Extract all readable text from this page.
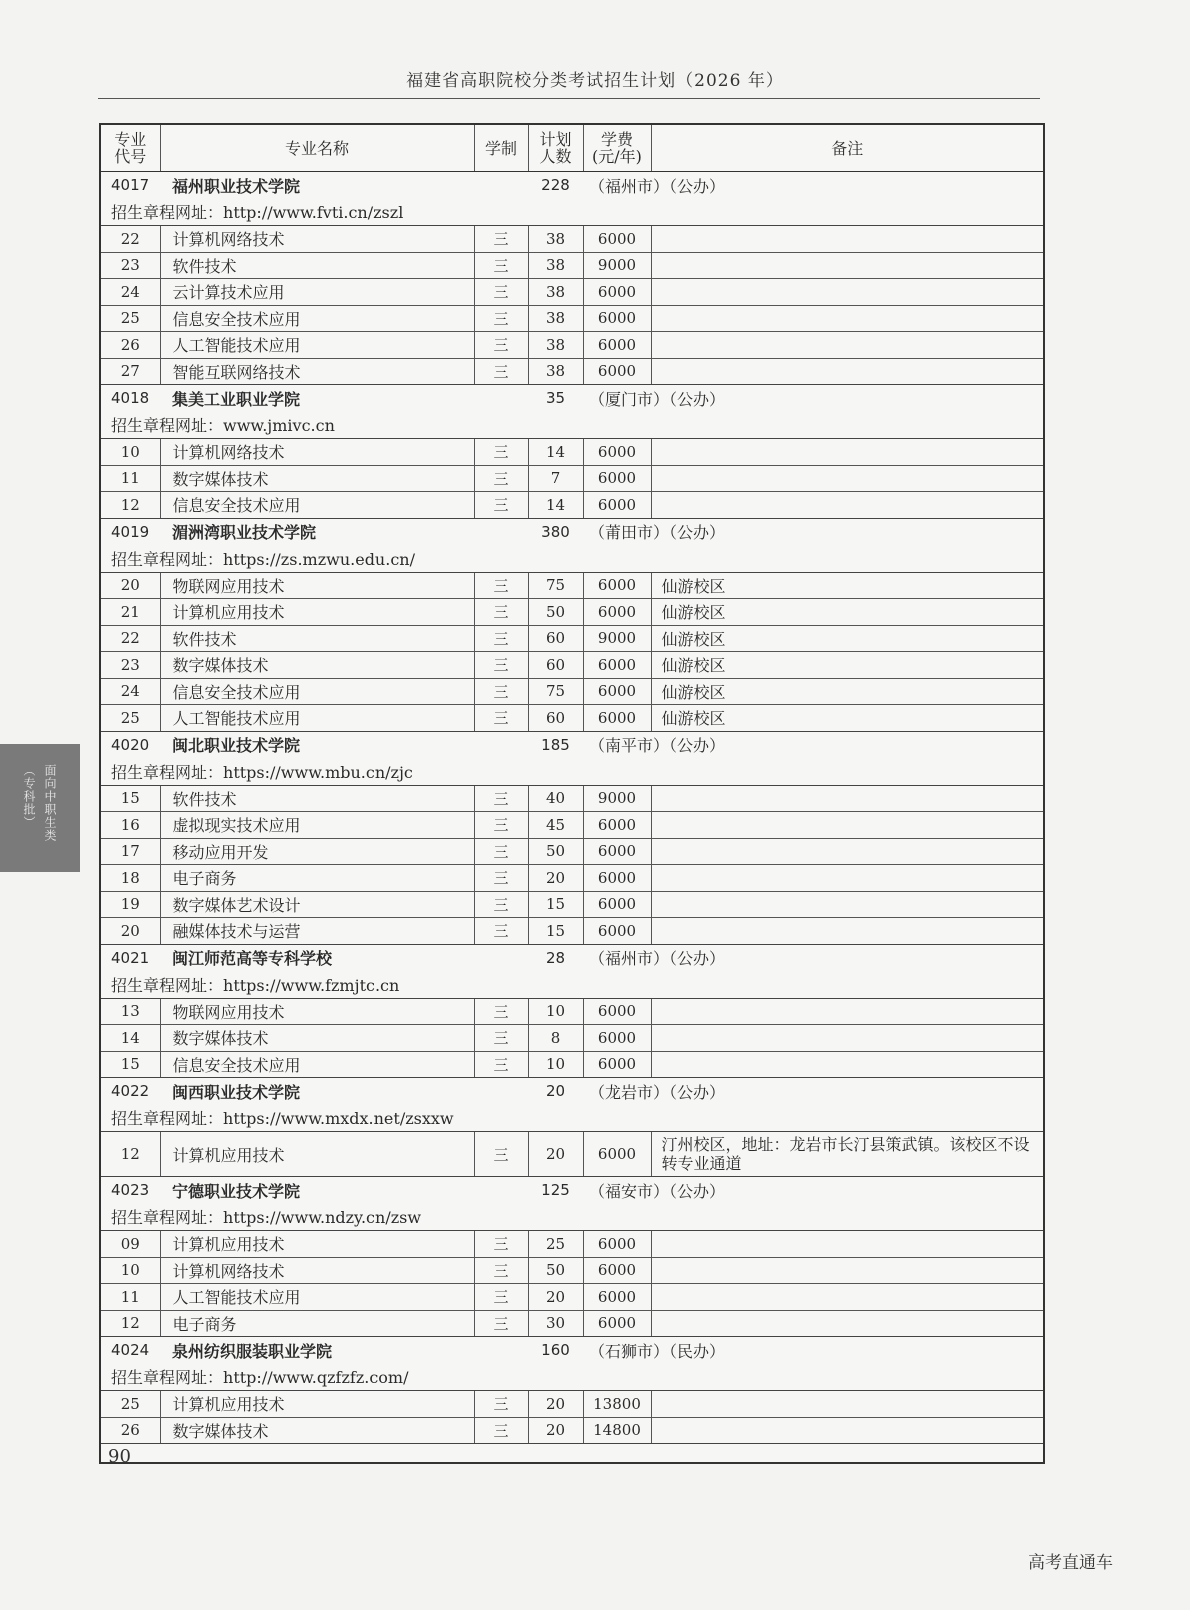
福建省高职院校分类考试招生计划（2026 年）
专业代号	专业名称	学制	计划人数	学费(元/年)	备注
4017	福州职业技术学院		228	（福州市）（公办）	
招生章程网址：http://www.fvti.cn/zszl					
22	计算机网络技术	三	38	6000	
23	软件技术	三	38	9000	
24	云计算技术应用	三	38	6000	
25	信息安全技术应用	三	38	6000	
26	人工智能技术应用	三	38	6000	
27	智能互联网络技术	三	38	6000	
4018	集美工业职业学院		35	（厦门市）（公办）	
招生章程网址：www.jmivc.cn					
10	计算机网络技术	三	14	6000	
11	数字媒体技术	三	7	6000	
12	信息安全技术应用	三	14	6000	
4019	湄洲湾职业技术学院		380	（莆田市）（公办）	
招生章程网址：https://zs.mzwu.edu.cn/					
20	物联网应用技术	三	75	6000	仙游校区
21	计算机应用技术	三	50	6000	仙游校区
22	软件技术	三	60	9000	仙游校区
23	数字媒体技术	三	60	6000	仙游校区
24	信息安全技术应用	三	75	6000	仙游校区
25	人工智能技术应用	三	60	6000	仙游校区
4020	闽北职业技术学院		185	（南平市）（公办）	
招生章程网址：https://www.mbu.cn/zjc					
15	软件技术	三	40	9000	
16	虚拟现实技术应用	三	45	6000	
17	移动应用开发	三	50	6000	
18	电子商务	三	20	6000	
19	数字媒体艺术设计	三	15	6000	
20	融媒体技术与运营	三	15	6000	
4021	闽江师范高等专科学校		28	（福州市）（公办）	
招生章程网址：https://www.fzmjtc.cn					
13	物联网应用技术	三	10	6000	
14	数字媒体技术	三	8	6000	
15	信息安全技术应用	三	10	6000	
4022	闽西职业技术学院		20	（龙岩市）（公办）	
招生章程网址：https://www.mxdx.net/zsxxw					
12	计算机应用技术	三	20	6000	汀州校区，地址：龙岩市长汀县策武镇。该校区不设转专业通道
4023	宁德职业技术学院		125	（福安市）（公办）	
招生章程网址：https://www.ndzy.cn/zsw					
09	计算机应用技术	三	25	6000	
10	计算机网络技术	三	50	6000	
11	人工智能技术应用	三	20	6000	
12	电子商务	三	30	6000	
4024	泉州纺织服装职业学院		160	（石狮市）（民办）	
招生章程网址：http://www.qzfzfz.com/					
25	计算机应用技术	三	20	13800	
26	数字媒体技术	三	20	14800	
面向中职生类
（专科批）
90
高考直通车
